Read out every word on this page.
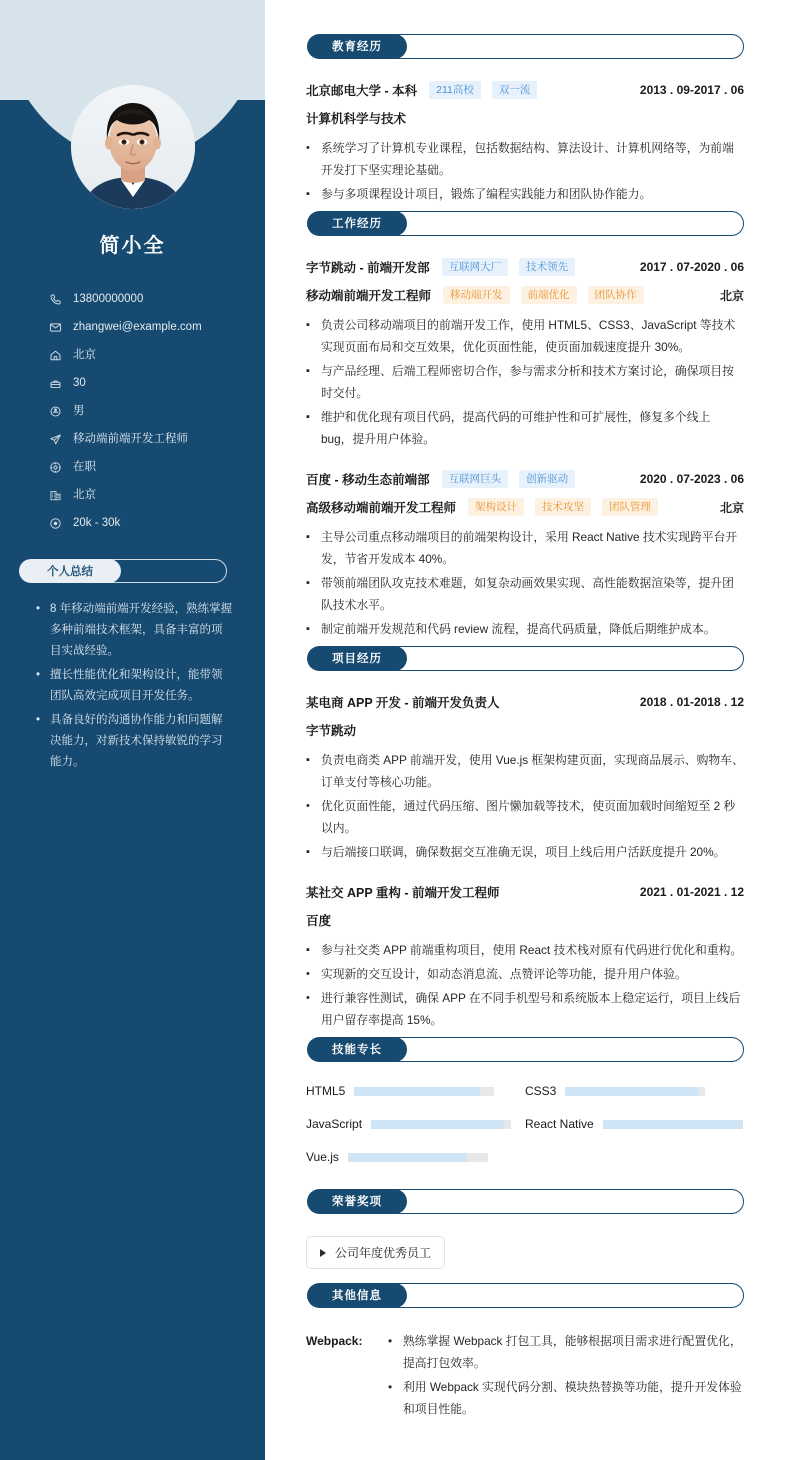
简小全
13800000000
zhangwei@example.com
北京
30
男
移动端前端开发工程师
在职
北京
20k - 30k
个人总结
• 8 年移动端前端开发经验，熟练掌握多种前端技术框架，具备丰富的项目实战经验。
• 擅长性能优化和架构设计，能带领团队高效完成项目开发任务。
• 具备良好的沟通协作能力和问题解决能力，对新技术保持敏锐的学习能力。
教育经历
北京邮电大学 - 本科	211高校	双一流	2013 . 09-2017 . 06
计算机科学与技术
• 系统学习了计算机专业课程，包括数据结构、算法设计、计算机网络等，为前端开发打下坚实理论基础。
▪ 参与多项课程设计项目，锻炼了编程实践能力和团队协作能力。
工作经历
字节跳动 - 前端开发部	互联网大厂	技术领先	2017 . 07-2020 . 06
移动端前端开发工程师	移动端开发	前端优化	团队协作	北京
▪ 负责公司移动端项目的前端开发工作，使用 HTML5、CSS3、JavaScript 等技术实现页面布局和交互效果，优化页面性能，使页面加载速度提升 30%。
▪ 与产品经理、后端工程师密切合作，参与需求分析和技术方案讨论，确保项目按时交付。
▪ 维护和优化现有项目代码，提高代码的可维护性和可扩展性，修复多个线上 bug，提升用户体验。
百度 - 移动生态前端部	互联网巨头	创新驱动	2020 . 07-2023 . 06
高级移动端前端开发工程师	架构设计	技术攻坚	团队管理	北京
▪ 主导公司重点移动端项目的前端架构设计，采用 React Native 技术实现跨平台开发，节省开发成本 40%。
▪ 带领前端团队攻克技术难题，如复杂动画效果实现、高性能数据渲染等，提升团队技术水平。
▪ 制定前端开发规范和代码 review 流程，提高代码质量，降低后期维护成本。
项目经历
某电商 APP 开发 - 前端开发负责人	2018 . 01-2018 . 12
字节跳动
▪ 负责电商类 APP 前端开发，使用 Vue.js 框架构建页面，实现商品展示、购物车、订单支付等核心功能。
• 优化页面性能，通过代码压缩、图片懒加载等技术，使页面加载时间缩短至 2 秒以内。
▪ 与后端接口联调，确保数据交互准确无误，项目上线后用户活跃度提升 20%。
某社交 APP 重构 - 前端开发工程师	2021 . 01-2021 . 12
百度
▪ 参与社交类 APP 前端重构项目，使用 React 技术栈对原有代码进行优化和重构。
• 实现新的交互设计，如动态消息流、点赞评论等功能，提升用户体验。
• 进行兼容性测试，确保 APP 在不同手机型号和系统版本上稳定运行，项目上线后用户留存率提高 15%。
技能专长
HTML5	CSS3
JavaScript	React Native
Vue.js
荣誉奖项
公司年度优秀员工
其他信息
Webpack:	• 熟练掌握 Webpack 打包工具，能够根据项目需求进行配置优化，提高打包效率。
• 利用 Webpack 实现代码分割、模块热替换等功能，提升开发体验和项目性能。
